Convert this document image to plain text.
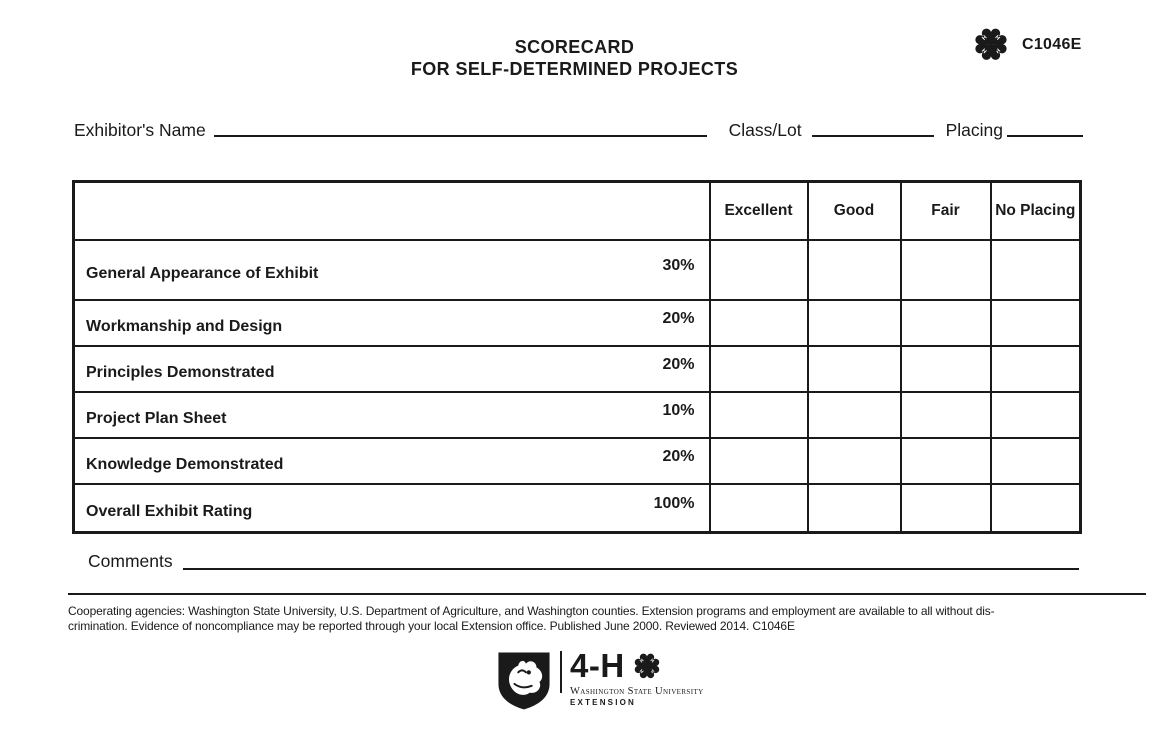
SCORECARD
FOR SELF-DETERMINED PROJECTS
C1046E
Exhibitor's Name	Class/Lot	Placing
	Excellent	Good	Fair	No Placing

General Appearance of Exhibit 30%				

Workmanship and Design 20%				

Principles Demonstrated 20%				

Project Plan Sheet 10%				

Knowledge Demonstrated 20%				

Overall Exhibit Rating 100%				

Comments
Cooperating agencies: Washington State University, U.S. Department of Agriculture, and Washington counties. Extension programs and employment are available to all without dis-
crimination. Evidence of noncompliance may be reported through your local Extension office. Published June 2000. Reviewed 2014. C1046E
4-H
Washington State University
EXTENSION
